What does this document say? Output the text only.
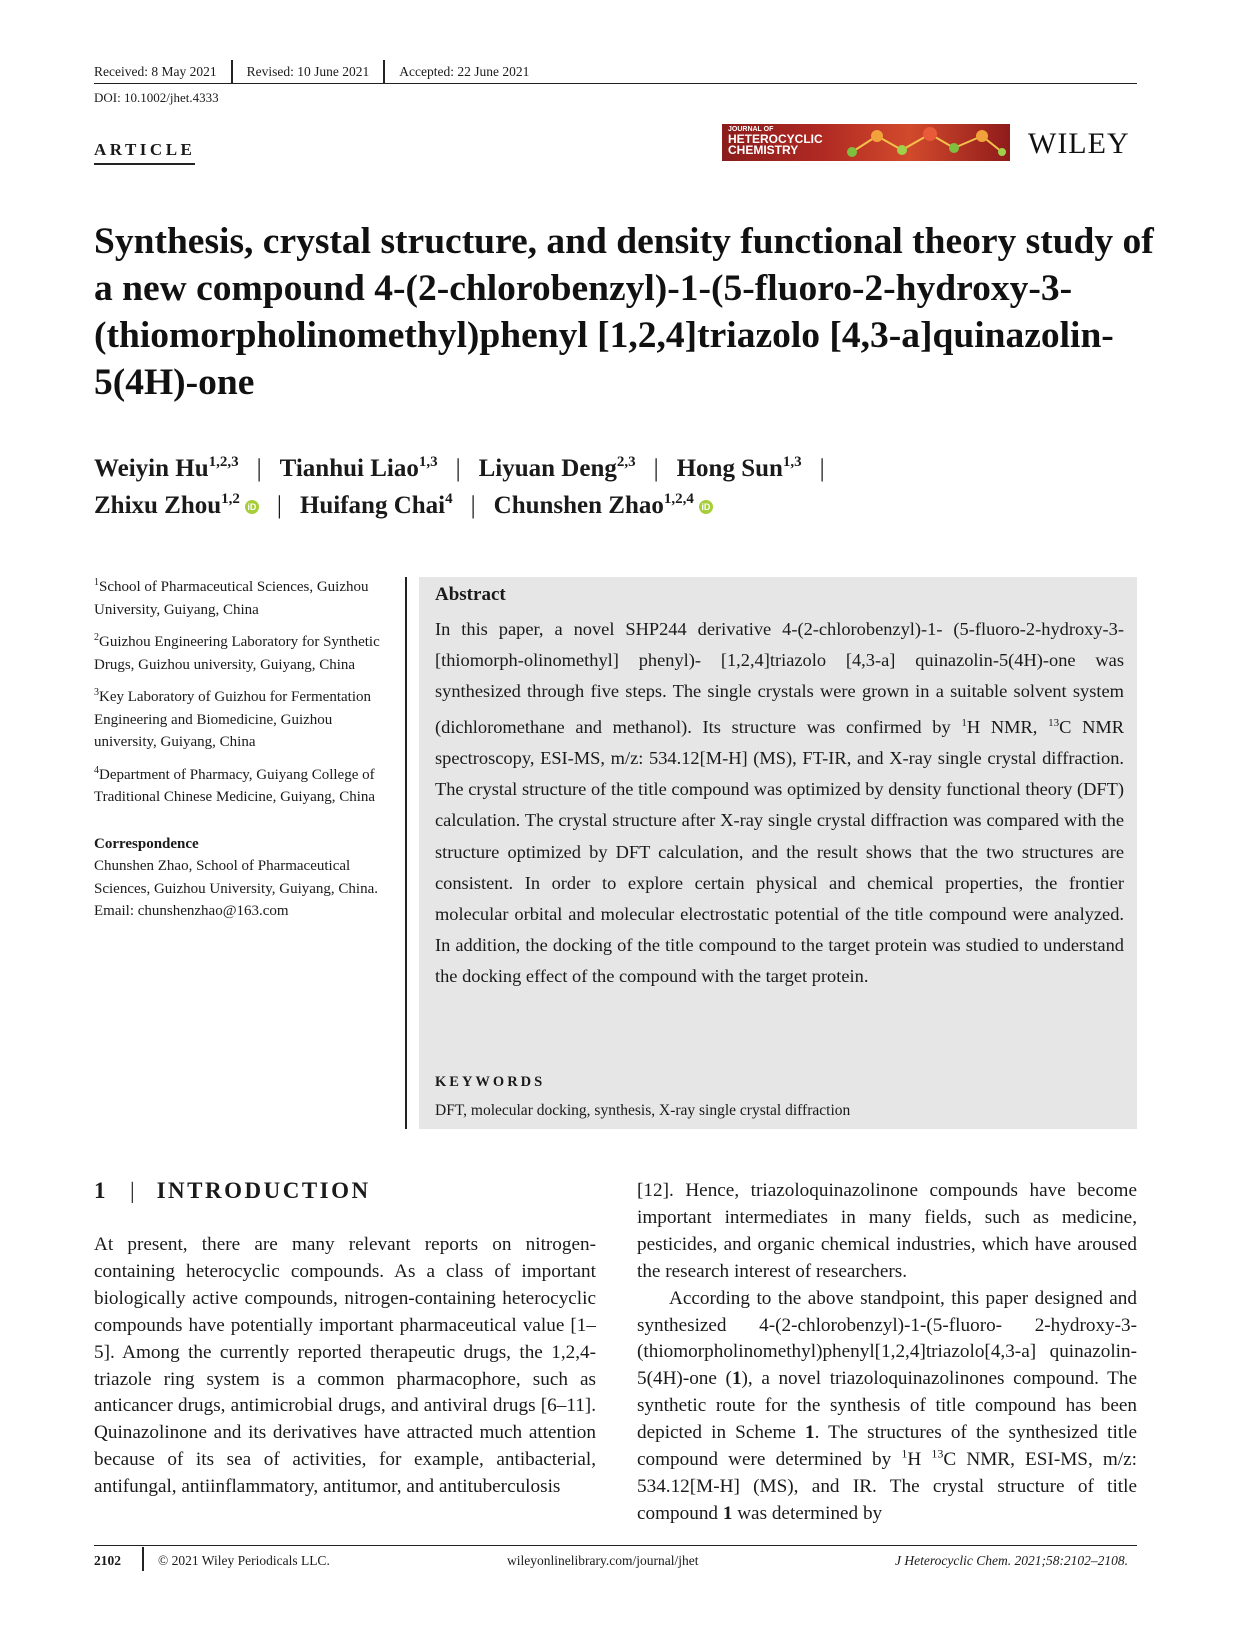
Received: 8 May 2021	Revised: 10 June 2021	Accepted: 22 June 2021
DOI: 10.1002/jhet.4333
ARTICLE
JOURNAL OF
HETEROCYCLIC
CHEMISTRY	WILEY
Synthesis, crystal structure, and density functional theory study of a new compound 4-(2-chlorobenzyl)-1-(5-fluoro-2-hydroxy-3-(thiomorpholinomethyl)phenyl [1,2,4]triazolo [4,3-a]quinazolin-5(4H)-one
Weiyin Hu$^{1,2,3}$ | Tianhui Liao$^{1,3}$ | Liyuan Deng$^{2,3}$ | Hong Sun$^{1,3}$ |
Zhixu Zhou$^{1,2}$ iD | Huifang Chai$^4$ | Chunshen Zhao$^{1,2,4}$ iD
$^1$School of Pharmaceutical Sciences, Guizhou University, Guiyang, China
$^2$Guizhou Engineering Laboratory for Synthetic Drugs, Guizhou university, Guiyang, China
$^3$Key Laboratory of Guizhou for Fermentation Engineering and Biomedicine, Guizhou university, Guiyang, China
$^4$Department of Pharmacy, Guiyang College of Traditional Chinese Medicine, Guiyang, China
Correspondence
Chunshen Zhao, School of Pharmaceutical Sciences, Guizhou University, Guiyang, China.
Email: chunshenzhao@163.com
Abstract
In this paper, a novel SHP244 derivative 4-(2-chlorobenzyl)-1- (5-fluoro-2-hydroxy-3- [thiomorph-olinomethyl] phenyl)- [1,2,4]triazolo [4,3-a] quinazolin-5(4H)-one was synthesized through five steps. The single crystals were grown in a suitable solvent system (dichloromethane and methanol). Its structure was confirmed by $^1$H NMR, $^{13}$C NMR spectroscopy, ESI-MS, m/z: 534.12[M-H] (MS), FT-IR, and X-ray single crystal diffraction. The crystal structure of the title compound was optimized by density functional theory (DFT) calculation. The crystal structure after X-ray single crystal diffraction was compared with the structure optimized by DFT calculation, and the result shows that the two structures are consistent. In order to explore certain physical and chemical properties, the frontier molecular orbital and molecular electrostatic potential of the title compound were analyzed. In addition, the docking of the title compound to the target protein was studied to understand the docking effect of the compound with the target protein.
KEYWORDS
DFT, molecular docking, synthesis, X-ray single crystal diffraction
1 | INTRODUCTION
At present, there are many relevant reports on nitrogen-containing heterocyclic compounds. As a class of important biologically active compounds, nitrogen-containing heterocyclic compounds have potentially important pharmaceutical value [1–5]. Among the currently reported therapeutic drugs, the 1,2,4-triazole ring system is a common pharmacophore, such as anticancer drugs, antimicrobial drugs, and antiviral drugs [6–11]. Quinazolinone and its derivatives have attracted much attention because of its sea of activities, for example, antibacterial, antifungal, antiinflammatory, antitumor, and antituberculosis

[12]. Hence, triazoloquinazolinone compounds have become important intermediates in many fields, such as medicine, pesticides, and organic chemical industries, which have aroused the research interest of researchers.

According to the above standpoint, this paper designed and synthesized 4-(2-chlorobenzyl)-1-(5-fluoro- 2-hydroxy-3-(thiomorpholinomethyl)phenyl[1,2,4]triazolo[4,3-a] quinazolin-5(4H)-one (1), a novel triazoloquinazolinones compound. The synthetic route for the synthesis of title compound has been depicted in Scheme 1. The structures of the synthesized title compound were determined by $^1$H $^{13}$C NMR, ESI-MS, m/z: 534.12[M-H] (MS), and IR. The crystal structure of title compound 1 was determined by

2102	© 2021 Wiley Periodicals LLC.	wileyonlinelibrary.com/journal/jhet	J Heterocyclic Chem. 2021;58:2102–2108.
